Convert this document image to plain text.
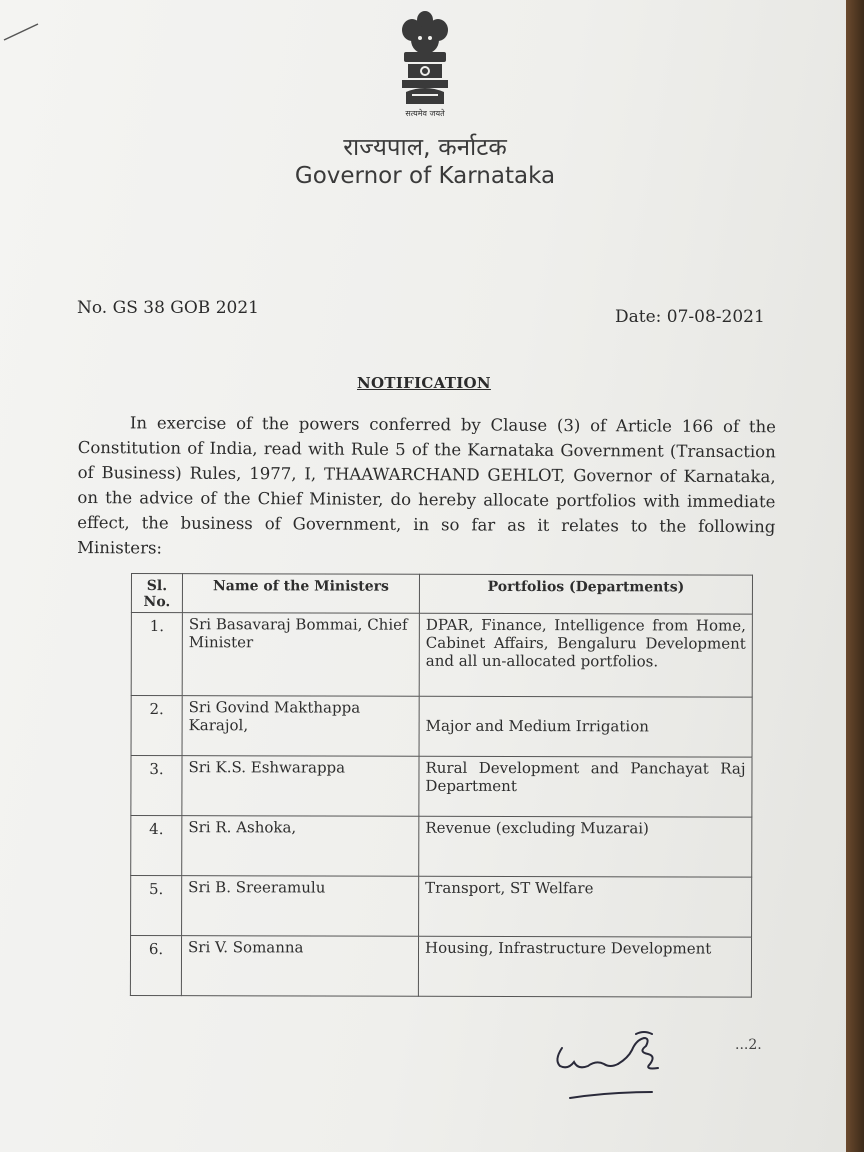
सत्यमेव जयते
राज्यपाल, कर्नाटक
Governor of Karnataka
No. GS 38 GOB 2021	Date: 07-08-2021
NOTIFICATION
In exercise of the powers conferred by Clause (3) of Article 166 of the Constitution of India, read with Rule 5 of the Karnataka Government (Transaction of Business) Rules, 1977, I, THAAWARCHAND GEHLOT, Governor of Karnataka, on the advice of the Chief Minister, do hereby allocate portfolios with immediate effect, the business of Government, in so far as it relates to the following Ministers:
Sl. No.	Name of the Ministers	Portfolios (Departments)
1.	Sri Basavaraj Bommai, Chief Minister	DPAR, Finance, Intelligence from Home, Cabinet Affairs, Bengaluru Development and all un-allocated portfolios.
2.	Sri Govind Makthappa Karajol,	Major and Medium Irrigation
3.	Sri K.S. Eshwarappa	Rural Development and Panchayat Raj Department
4.	Sri R. Ashoka,	Revenue (excluding Muzarai)
5.	Sri B. Sreeramulu	Transport, ST Welfare
6.	Sri V. Somanna	Housing, Infrastructure Development
...2.
